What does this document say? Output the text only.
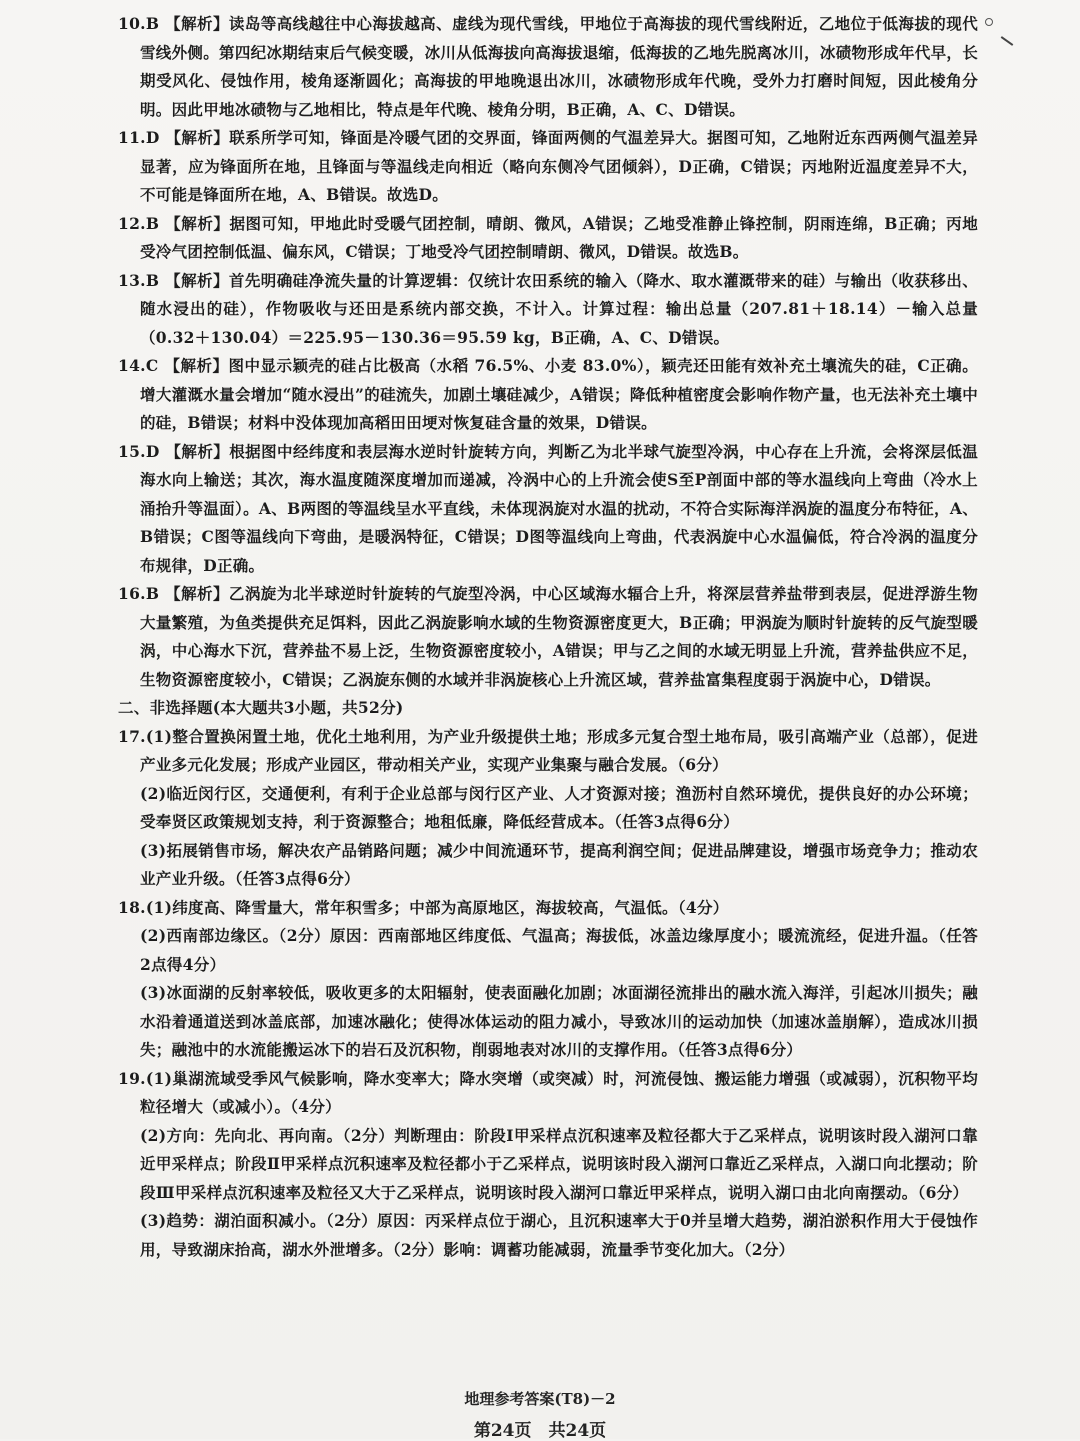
10.B 【解析】读岛等高线越往中心海拔越高、虚线为现代雪线，甲地位于高海拔的现代雪线附近，乙地位于低海拔的现代雪线外侧。第四纪冰期结束后气候变暖，冰川从低海拔向高海拔退缩，低海拔的乙地先脱离冰川，冰碛物形成年代早，长期受风化、侵蚀作用，棱角逐渐圆化；高海拔的甲地晚退出冰川，冰碛物形成年代晚，受外力打磨时间短，因此棱角分明。因此甲地冰碛物与乙地相比，特点是年代晚、棱角分明，B正确，A、C、D错误。

11.D 【解析】联系所学可知，锋面是冷暖气团的交界面，锋面两侧的气温差异大。据图可知，乙地附近东西两侧气温差异显著，应为锋面所在地，且锋面与等温线走向相近（略向东侧冷气团倾斜），D正确，C错误；丙地附近温度差异不大，不可能是锋面所在地，A、B错误。故选D。

12.B 【解析】据图可知，甲地此时受暖气团控制，晴朗、微风，A错误；乙地受准静止锋控制，阴雨连绵，B正确；丙地受冷气团控制低温、偏东风，C错误；丁地受冷气团控制晴朗、微风，D错误。故选B。

13.B 【解析】首先明确硅净流失量的计算逻辑：仅统计农田系统的输入（降水、取水灌溉带来的硅）与输出（收获移出、随水浸出的硅），作物吸收与还田是系统内部交换，不计入。计算过程：输出总量（207.81＋18.14）－输入总量（0.32＋130.04）＝225.95－130.36＝95.59 kg，B正确，A、C、D错误。

14.C 【解析】图中显示颖壳的硅占比极高（水稻 76.5%、小麦 83.0%），颖壳还田能有效补充土壤流失的硅，C正确。增大灌溉水量会增加“随水浸出”的硅流失，加剧土壤硅减少，A错误；降低种植密度会影响作物产量，也无法补充土壤中的硅，B错误；材料中没体现加高稻田田埂对恢复硅含量的效果，D错误。

15.D 【解析】根据图中经纬度和表层海水逆时针旋转方向，判断乙为北半球气旋型冷涡，中心存在上升流，会将深层低温海水向上输送；其次，海水温度随深度增加而递减，冷涡中心的上升流会使S至P剖面中部的等水温线向上弯曲（冷水上涌抬升等温面）。A、B两图的等温线呈水平直线，未体现涡旋对水温的扰动，不符合实际海洋涡旋的温度分布特征，A、B错误；C图等温线向下弯曲，是暖涡特征，C错误；D图等温线向上弯曲，代表涡旋中心水温偏低，符合冷涡的温度分布规律，D正确。

16.B 【解析】乙涡旋为北半球逆时针旋转的气旋型冷涡，中心区域海水辐合上升，将深层营养盐带到表层，促进浮游生物大量繁殖，为鱼类提供充足饵料，因此乙涡旋影响水域的生物资源密度更大，B正确；甲涡旋为顺时针旋转的反气旋型暖涡，中心海水下沉，营养盐不易上泛，生物资源密度较小，A错误；甲与乙之间的水域无明显上升流，营养盐供应不足，生物资源密度较小，C错误；乙涡旋东侧的水域并非涡旋核心上升流区域，营养盐富集程度弱于涡旋中心，D错误。

二、非选择题(本大题共3小题，共52分)

17.(1)整合置换闲置土地，优化土地利用，为产业升级提供土地；形成多元复合型土地布局，吸引高端产业（总部），促进产业多元化发展；形成产业园区，带动相关产业，实现产业集聚与融合发展。（6分）

(2)临近闵行区，交通便利，有利于企业总部与闵行区产业、人才资源对接；渔沥村自然环境优，提供良好的办公环境；受奉贤区政策规划支持，利于资源整合；地租低廉，降低经营成本。（任答3点得6分）

(3)拓展销售市场，解决农产品销路问题；减少中间流通环节，提高利润空间；促进品牌建设，增强市场竞争力；推动农业产业升级。（任答3点得6分）

18.(1)纬度高、降雪量大，常年积雪多；中部为高原地区，海拔较高，气温低。（4分）

(2)西南部边缘区。（2分）原因：西南部地区纬度低、气温高；海拔低，冰盖边缘厚度小；暖流流经，促进升温。（任答2点得4分）

(3)冰面湖的反射率较低，吸收更多的太阳辐射，使表面融化加剧；冰面湖径流排出的融水流入海洋，引起冰川损失；融水沿着通道送到冰盖底部，加速冰融化；使得冰体运动的阻力减小，导致冰川的运动加快（加速冰盖崩解），造成冰川损失；融池中的水流能搬运冰下的岩石及沉积物，削弱地表对冰川的支撑作用。（任答3点得6分）

19.(1)巢湖流域受季风气候影响，降水变率大；降水突增（或突减）时，河流侵蚀、搬运能力增强（或减弱），沉积物平均粒径增大（或减小）。（4分）

(2)方向：先向北、再向南。（2分）判断理由：阶段Ⅰ甲采样点沉积速率及粒径都大于乙采样点，说明该时段入湖河口靠近甲采样点；阶段Ⅱ甲采样点沉积速率及粒径都小于乙采样点，说明该时段入湖河口靠近乙采样点，入湖口向北摆动；阶段Ⅲ甲采样点沉积速率及粒径又大于乙采样点，说明该时段入湖河口靠近甲采样点，说明入湖口由北向南摆动。（6分）

(3)趋势：湖泊面积减小。（2分）原因：丙采样点位于湖心，且沉积速率大于0并呈增大趋势，湖泊淤积作用大于侵蚀作用，导致湖床抬高，湖水外泄增多。（2分）影响：调蓄功能减弱，流量季节变化加大。（2分）

地理参考答案(T8)－2
第24页　共24页
